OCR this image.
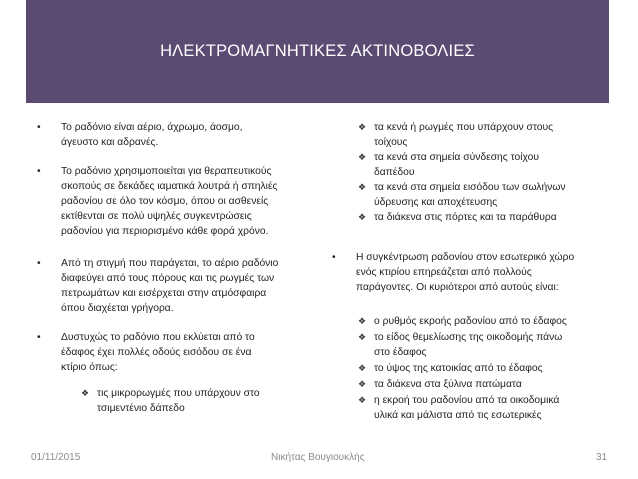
ΗΛΕΚΤΡΟΜΑΓΝΗΤΙΚΕΣ ΑΚΤΙΝΟΒΟΛΙΕΣ
• Το ραδόνιο είναι αέριο, άχρωμο, άοσμο,
άγευστο και αδρανές.
• Το ραδόνιο χρησιμοποιείται για θεραπευτικούς
σκοπούς σε δεκάδες ιαματικά λουτρά ή σπηλιές
ραδονίου σε όλο τον κόσμο, όπου οι ασθενείς
εκτίθενται σε πολύ υψηλές συγκεντρώσεις
ραδονίου για περιορισμένο κάθε φορά χρόνο.
• Από τη στιγμή που παράγεται, το αέριο ραδόνιο
διαφεύγει από τους πόρους και τις ρωγμές των
πετρωμάτων και εισέρχεται στην ατμόσφαιρα
όπου διαχέεται γρήγορα.
• Δυστυχώς το ραδόνιο που εκλύεται από το
έδαφος έχει πολλές οδούς εισόδου σε ένα
κτίριο όπως:
❖ τις μικρορωγμές που υπάρχουν στο
τσιμεντένιο δάπεδο
❖ τα κενά ή ρωγμές που υπάρχουν στους
τοίχους
❖ τα κενά στα σημεία σύνδεσης τοίχου
δαπέδου
❖ τα κενά στα σημεία εισόδου των σωλήνων
ύδρευσης και αποχέτευσης
❖ τα διάκενα στις πόρτες και τα παράθυρα
• Η συγκέντρωση ραδονίου στον εσωτερικό χώρο
ενός κτιρίου επηρεάζεται από πολλούς
παράγοντες. Οι κυριότεροι από αυτούς είναι:
❖ ο ρυθμός εκροής ραδονίου από το έδαφος
❖ το είδος θεμελίωσης της οικοδομής πάνω
στο έδαφος
❖ το ύψος της κατοικίας από το έδαφος
❖ τα διάκενα στα ξύλινα πατώματα
❖ η εκροή του ραδονίου από τα οικοδομικά
υλικά και μάλιστα από τις εσωτερικές
01/11/2015	Νικήτας Βουγιουκλής	31
